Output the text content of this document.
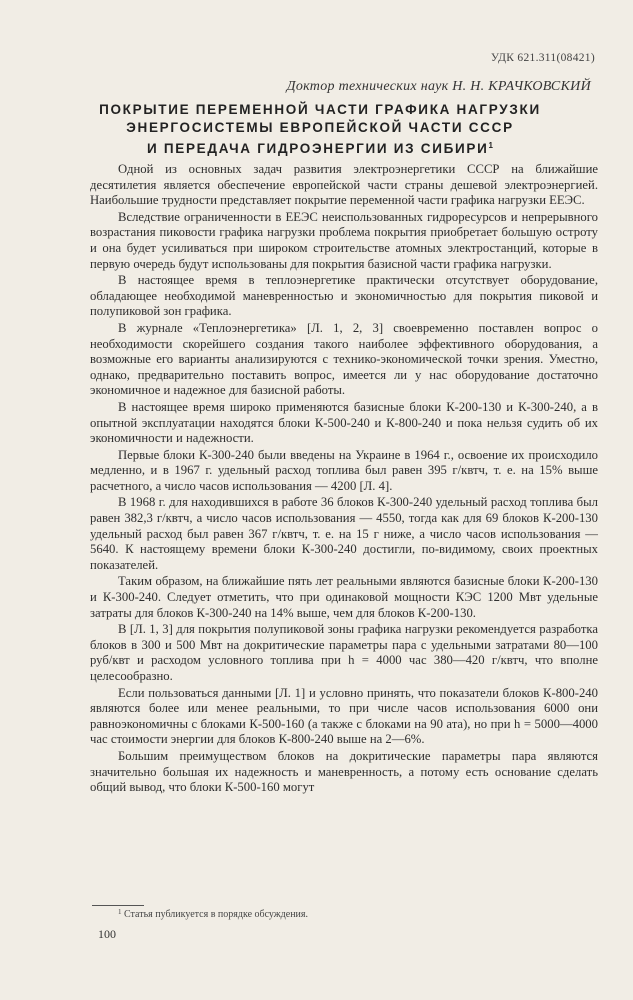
УДК 621.311(08421)
Доктор технических наук Н. Н. КРАЧКОВСКИЙ
ПОКРЫТИЕ ПЕРЕМЕННОЙ ЧАСТИ ГРАФИКА НАГРУЗКИ
ЭНЕРГОСИСТЕМЫ ЕВРОПЕЙСКОЙ ЧАСТИ СССР
И ПЕРЕДАЧА ГИДРОЭНЕРГИИ ИЗ СИБИРИ$^1$

Одной из основных задач развития электроэнергетики СССР на ближайшие десятилетия является обеспечение европейской части страны дешевой электроэнергией. Наибольшие трудности представляет покрытие переменной части графика нагрузки ЕЕЭС.

Вследствие ограниченности в ЕЕЭС неиспользованных гидроресурсов и непрерывного возрастания пиковости графика нагрузки проблема покрытия приобретает большую остроту и она будет усиливаться при широком строительстве атомных электростанций, которые в первую очередь будут использованы для покрытия базисной части графика нагрузки.

В настоящее время в теплоэнергетике практически отсутствует оборудование, обладающее необходимой маневренностью и экономичностью для покрытия пиковой и полупиковой зон графика.

В журнале «Теплоэнергетика» [Л. 1, 2, 3] своевременно поставлен вопрос о необходимости скорейшего создания такого наиболее эффективного оборудования, а возможные его варианты анализируются с технико-экономической точки зрения. Уместно, однако, предварительно поставить вопрос, имеется ли у нас оборудование достаточно экономичное и надежное для базисной работы.

В настоящее время широко применяются базисные блоки К-200-130 и К-300-240, а в опытной эксплуатации находятся блоки К-500-240 и К-800-240 и пока нельзя судить об их экономичности и надежности.

Первые блоки К-300-240 были введены на Украине в 1964 г., освоение их происходило медленно, и в 1967 г. удельный расход топлива был равен 395 г/квтч, т. е. на 15% выше расчетного, а число часов использования — 4200 [Л. 4].

В 1968 г. для находившихся в работе 36 блоков К-300-240 удельный расход топлива был равен 382,3 г/квтч, а число часов использования — 4550, тогда как для 69 блоков К-200-130 удельный расход был равен 367 г/квтч, т. е. на 15 г ниже, а число часов использования — 5640. К настоящему времени блоки К-300-240 достигли, по-видимому, своих проектных показателей.

Таким образом, на ближайшие пять лет реальными являются базисные блоки К-200-130 и К-300-240. Следует отметить, что при одинаковой мощности КЭС 1200 Мвт удельные затраты для блоков К-300-240 на 14% выше, чем для блоков К-200-130.

В [Л. 1, 3] для покрытия полупиковой зоны графика нагрузки рекомендуется разработка блоков в 300 и 500 Мвт на докритические параметры пара с удельными затратами 80—100 руб/квт и расходом условного топлива при h = 4000 час 380—420 г/квтч, что вполне целесообразно.

Если пользоваться данными [Л. 1] и условно принять, что показатели блоков К-800-240 являются более или менее реальными, то при числе часов использования 6000 они равноэкономичны с блоками К-500-160 (а также с блоками на 90 ата), но при h = 5000—4000 час стоимости энергии для блоков К-800-240 выше на 2—6%.

Большим преимуществом блоков на докритические параметры пара являются значительно большая их надежность и маневренность, а потому есть основание сделать общий вывод, что блоки К-500-160 могут

$^1$ Статья публикуется в порядке обсуждения.
100
